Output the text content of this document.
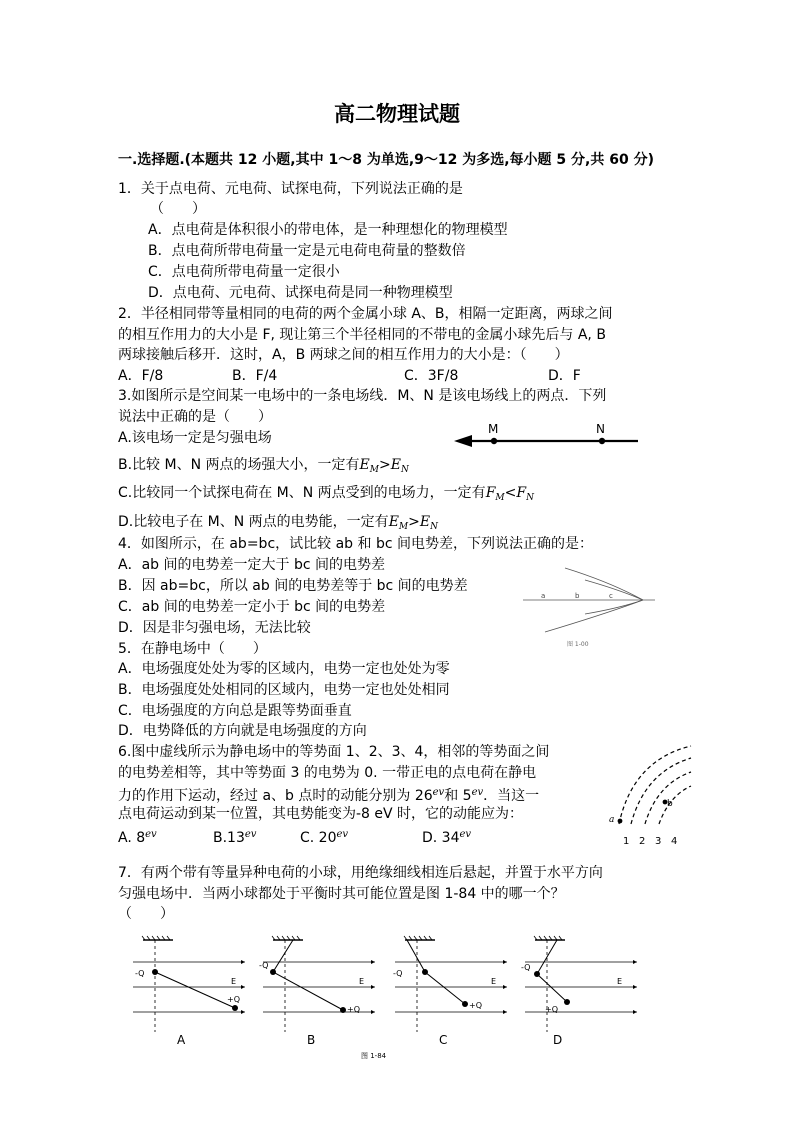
高二物理试题
一.选择题.(本题共 12 小题,其中 1～8 为单选,9～12 为多选,每小题 5 分,共 60 分)
1．关于点电荷、元电荷、试探电荷，下列说法正确的是
（　　）
A．点电荷是体积很小的带电体，是一种理想化的物理模型
B．点电荷所带电荷量一定是元电荷电荷量的整数倍
C．点电荷所带电荷量一定很小
D．点电荷、元电荷、试探电荷是同一种物理模型
2．半径相同带等量相同的电荷的两个金属小球 A、B，相隔一定距离，两球之间
的相互作用力的大小是 F, 现让第三个半径相同的不带电的金属小球先后与 A, B
两球接触后移开．这时，A，B 两球之间的相互作用力的大小是：（　　）
A．F/8	B．F/4	C．3F/8	D．F
3.如图所示是空间某一电场中的一条电场线．M、N 是该电场线上的两点．下列
说法中正确的是（　　）
A.该电场一定是匀强电场
M	N
B.比较 M、N 两点的场强大小，一定有$E_M>E_N$
C.比较同一个试探电荷在 M、N 两点受到的电场力，一定有$F_M<F_N$
D.比较电子在 M、N 两点的电势能，一定有$E_M>E_N$
4．如图所示，在 ab=bc，试比较 ab 和 bc 间电势差，下列说法正确的是：
A．ab 间的电势差一定大于 bc 间的电势差
B．因 ab=bc，所以 ab 间的电势差等于 bc 间的电势差
C．ab 间的电势差一定小于 bc 间的电势差
D．因是非匀强电场，无法比较
a	b	c
图 1-00
5．在静电场中（　　）
A．电场强度处处为零的区域内，电势一定也处处为零
B．电场强度处处相同的区域内，电势一定也处处相同
C．电场强度的方向总是跟等势面垂直
D．电势降低的方向就是电场强度的方向
6.图中虚线所示为静电场中的等势面 1、2、3、4，相邻的等势面之间
的电势差相等，其中等势面 3 的电势为 0. 一带正电的点电荷在静电
力的作用下运动，经过 a、b 点时的动能分别为 $26^{ev}$和 $5^{ev}$．当这一
点电荷运动到某一位置，其电势能变为-8 eV 时，它的动能应为：
A. $8^{ev}$	$B.13^{ev}$	C. $20^{ev}$	D. $34^{ev}$
a
b
1 2 3 4
7．有两个带有等量异种电荷的小球，用绝缘细线相连后悬起，并置于水平方向
匀强电场中．当两小球都处于平衡时其可能位置是图 1-84 中的哪一个？
（　　）
-Q
+Q
E
A
-Q
+Q
E
B
-Q
+Q
E
C
-Q
+Q
E
D
图 1-84
